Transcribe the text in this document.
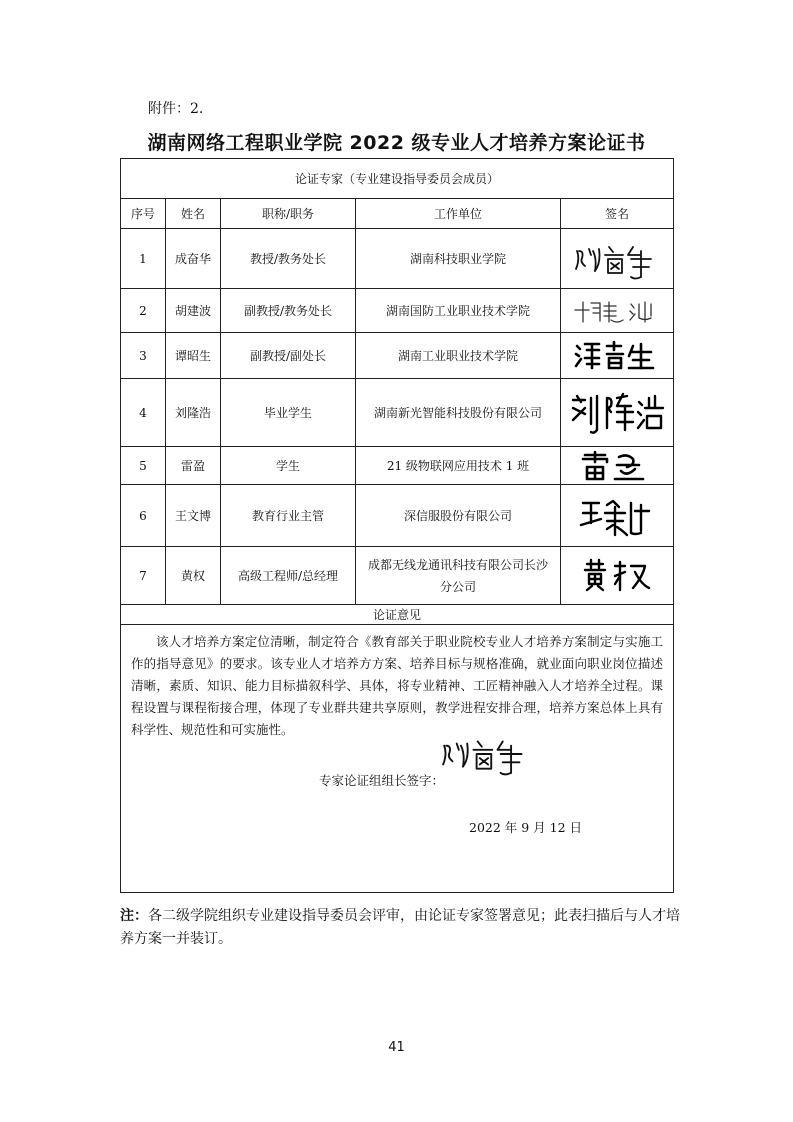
附件：2.
湖南网络工程职业学院 2022 级专业人才培养方案论证书
论证专家（专业建设指导委员会成员）				
序号	姓名	职称/职务	工作单位	签名
1	成奋华	教授/教务处长	湖南科技职业学院	

2	胡建波	副教授/教务处长	湖南国防工业职业技术学院	

3	谭昭生	副教授/副处长	湖南工业职业技术学院	

4	刘隆浩	毕业学生	湖南新光智能科技股份有限公司	

5	雷盈	学生	21 级物联网应用技术 1 班	

6	王文博	教育行业主管	深信服股份有限公司	

7	黄权	高级工程师/总经理	成都无线龙通讯科技有限公司长沙
分公司	

论证意见				

该人才培养方案定位清晰，制定符合《教育部关于职业院校专业人才培养方案制定与实施工作的指导意见》的要求。该专业人才培养方方案、培养目标与规格准确，就业面向职业岗位描述清晰，素质、知识、能力目标描叙科学、具体，将专业精神、工匠精神融入人才培养全过程。课程设置与课程衔接合理，体现了专业群共建共享原则，教学进程安排合理，培养方案总体上具有科学性、规范性和可实施性。
专家论证组组长签字：
2022 年 9 月 12 日				
注：各二级学院组织专业建设指导委员会评审，由论证专家签署意见；此表扫描后与人才培养方案一并装订。
41
